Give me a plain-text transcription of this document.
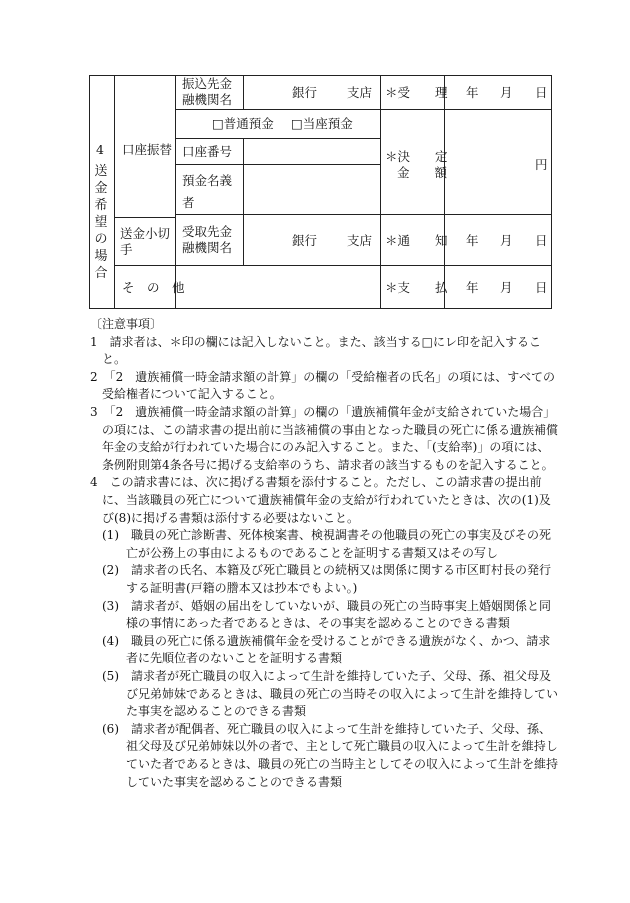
4
送
金
希
望
の
場
合
口座振替
振込先金
融機関名	銀行 支店
□普通預金 □当座預金
口座番号
預金名義
者
送金小切
手
受取先金
融機関名	銀行 支店
そ　の　他
＊受　　理
＊決　　定
金　　額
＊通　　知
＊支　　払
年 月 日
円
年 月 日
年 月 日
〔注意事項〕
1　請求者は、＊印の欄には記入しないこと。また、該当する□にレ印を記入するこ
　と。
2　「2　遺族補償一時金請求額の計算」の欄の「受給権者の氏名」の項には、すべての
　受給権者について記入すること。
3　「2　遺族補償一時金請求額の計算」の欄の「遺族補償年金が支給されていた場合」
　の項には、この請求書の提出前に当該補償の事由となった職員の死亡に係る遺族補償
　年金の支給が行われていた場合にのみ記入すること。また、「(支給率)」の項には、
　条例附則第4条各号に掲げる支給率のうち、請求者の該当するものを記入すること。
4　この請求書には、次に掲げる書類を添付すること。ただし、この請求書の提出前
　に、当該職員の死亡について遺族補償年金の支給が行われていたときは、次の(1)及
　び(8)に掲げる書類は添付する必要はないこと。
　(1)　職員の死亡診断書、死体検案書、検視調書その他職員の死亡の事実及びその死
　　　亡が公務上の事由によるものであることを証明する書類又はその写し
　(2)　請求者の氏名、本籍及び死亡職員との続柄又は関係に関する市区町村長の発行
　　　する証明書(戸籍の謄本又は抄本でもよい。)
　(3)　請求者が、婚姻の届出をしていないが、職員の死亡の当時事実上婚姻関係と同
　　　様の事情にあった者であるときは、その事実を認めることのできる書類
　(4)　職員の死亡に係る遺族補償年金を受けることができる遺族がなく、かつ、請求
　　　者に先順位者のないことを証明する書類
　(5)　請求者が死亡職員の収入によって生計を維持していた子、父母、孫、祖父母及
　　　び兄弟姉妹であるときは、職員の死亡の当時その収入によって生計を維持してい
　　　た事実を認めることのできる書類
　(6)　請求者が配偶者、死亡職員の収入によって生計を維持していた子、父母、孫、
　　　祖父母及び兄弟姉妹以外の者で、主として死亡職員の収入によって生計を維持し
　　　ていた者であるときは、職員の死亡の当時主としてその収入によって生計を維持
　　　していた事実を認めることのできる書類
